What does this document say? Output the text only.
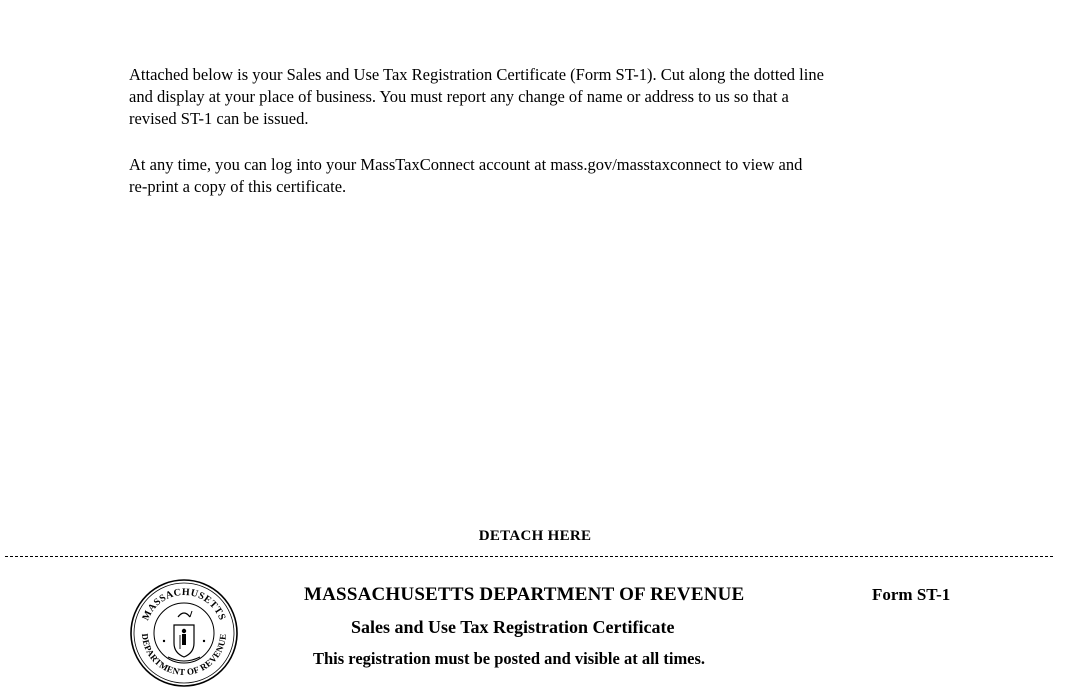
Attached below is your Sales and Use Tax Registration Certificate (Form ST-1). Cut along the dotted line
and display at your place of business. You must report any change of name or address to us so that a
revised ST-1 can be issued.

At any time, you can log into your MassTaxConnect account at mass.gov/masstaxconnect to view and
re-print a copy of this certificate.

DETACH HERE
MASSACHUSETTS
DEPARTMENT OF REVENUE
MASSACHUSETTS DEPARTMENT OF REVENUE	Form ST-1
Sales and Use Tax Registration Certificate
This registration must be posted and visible at all times.
